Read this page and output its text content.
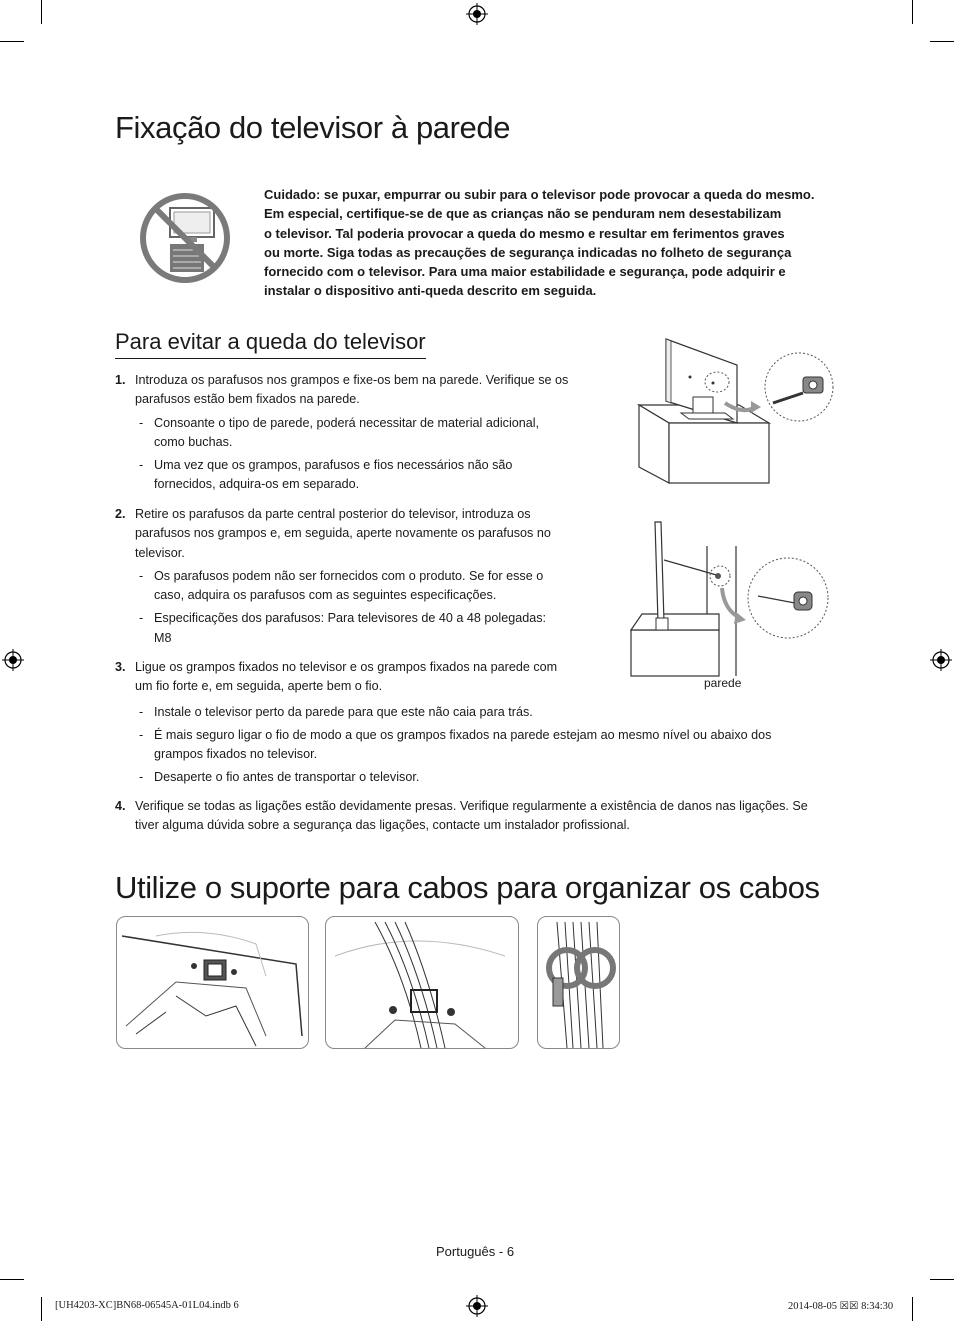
Fixação do televisor à parede
Cuidado: se puxar, empurrar ou subir para o televisor pode provocar a queda do mesmo.
Em especial, certifique-se de que as crianças não se penduram nem desestabilizam
o televisor. Tal poderia provocar a queda do mesmo e resultar em ferimentos graves
ou morte. Siga todas as precauções de segurança indicadas no folheto de segurança
fornecido com o televisor. Para uma maior estabilidade e segurança, pode adquirir e
instalar o dispositivo anti-queda descrito em seguida.
Para evitar a queda do televisor
1. Introduza os parafusos nos grampos e fixe-os bem na parede. Verifique se os
parafusos estão bem fixados na parede.
- Consoante o tipo de parede, poderá necessitar de material adicional,
como buchas.
- Uma vez que os grampos, parafusos e fios necessários não são
fornecidos, adquira-os em separado.
2. Retire os parafusos da parte central posterior do televisor, introduza os
parafusos nos grampos e, em seguida, aperte novamente os parafusos no
televisor.
- Os parafusos podem não ser fornecidos com o produto. Se for esse o
caso, adquira os parafusos com as seguintes especificações.
- Especificações dos parafusos: Para televisores de 40 a 48 polegadas:
M8
3. Ligue os grampos fixados no televisor e os grampos fixados na parede com
um fio forte e, em seguida, aperte bem o fio.
- Instale o televisor perto da parede para que este não caia para trás.
- É mais seguro ligar o fio de modo a que os grampos fixados na parede estejam ao mesmo nível ou abaixo dos
grampos fixados no televisor.
- Desaperte o fio antes de transportar o televisor.
4. Verifique se todas as ligações estão devidamente presas. Verifique regularmente a existência de danos nas ligações. Se
tiver alguma dúvida sobre a segurança das ligações, contacte um instalador profissional.
parede
Utilize o suporte para cabos para organizar os cabos
Português - 6
[UH4203-XC]BN68-06545A-01L04.indb 6	2014-08-05 ☒☒ 8:34:30
